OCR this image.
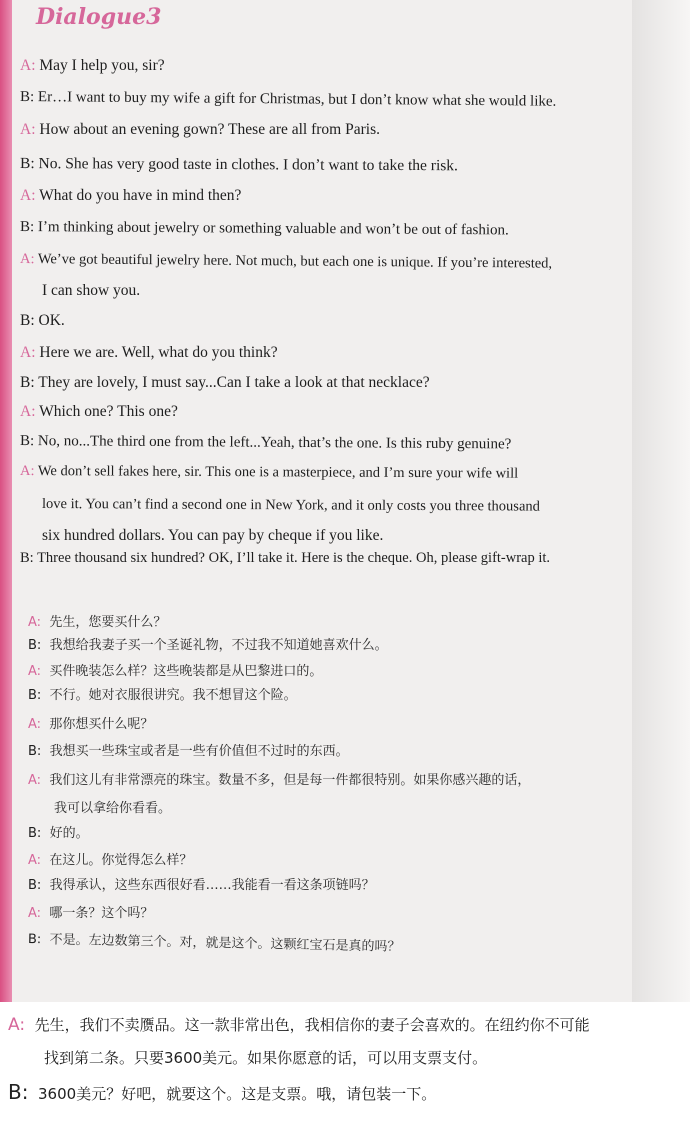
Dialogue3
A: May I help you, sir?
B: Er…I want to buy my wife a gift for Christmas, but I don’t know what she would like.
A: How about an evening gown? These are all from Paris.
B: No. She has very good taste in clothes. I don’t want to take the risk.
A: What do you have in mind then?
B: I’m thinking about jewelry or something valuable and won’t be out of fashion.
A: We’ve got beautiful jewelry here. Not much, but each one is unique. If you’re interested,
I can show you.
B: OK.
A: Here we are. Well, what do you think?
B: They are lovely, I must say...Can I take a look at that necklace?
A: Which one? This one?
B: No, no...The third one from the left...Yeah, that’s the one. Is this ruby genuine?
A: We don’t sell fakes here, sir. This one is a masterpiece, and I’m sure your wife will
love it. You can’t find a second one in New York, and it only costs you three thousand
six hundred dollars. You can pay by cheque if you like.
B: Three thousand six hundred? OK, I’ll take it. Here is the cheque. Oh, please gift-wrap it.
A: 先生，您要买什么？
B: 我想给我妻子买一个圣诞礼物，不过我不知道她喜欢什么。
A: 买件晚装怎么样？这些晚装都是从巴黎进口的。
B: 不行。她对衣服很讲究。我不想冒这个险。
A: 那你想买什么呢？
B: 我想买一些珠宝或者是一些有价值但不过时的东西。
A: 我们这儿有非常漂亮的珠宝。数量不多，但是每一件都很特别。如果你感兴趣的话，
我可以拿给你看看。
B: 好的。
A: 在这儿。你觉得怎么样？
B: 我得承认，这些东西很好看……我能看一看这条项链吗？
A: 哪一条？这个吗？
B: 不是。左边数第三个。对，就是这个。这颗红宝石是真的吗？
A: 先生，我们不卖赝品。这一款非常出色，我相信你的妻子会喜欢的。在纽约你不可能
找到第二条。只要3600美元。如果你愿意的话，可以用支票支付。
B: 3600美元？好吧，就要这个。这是支票。哦，请包装一下。
